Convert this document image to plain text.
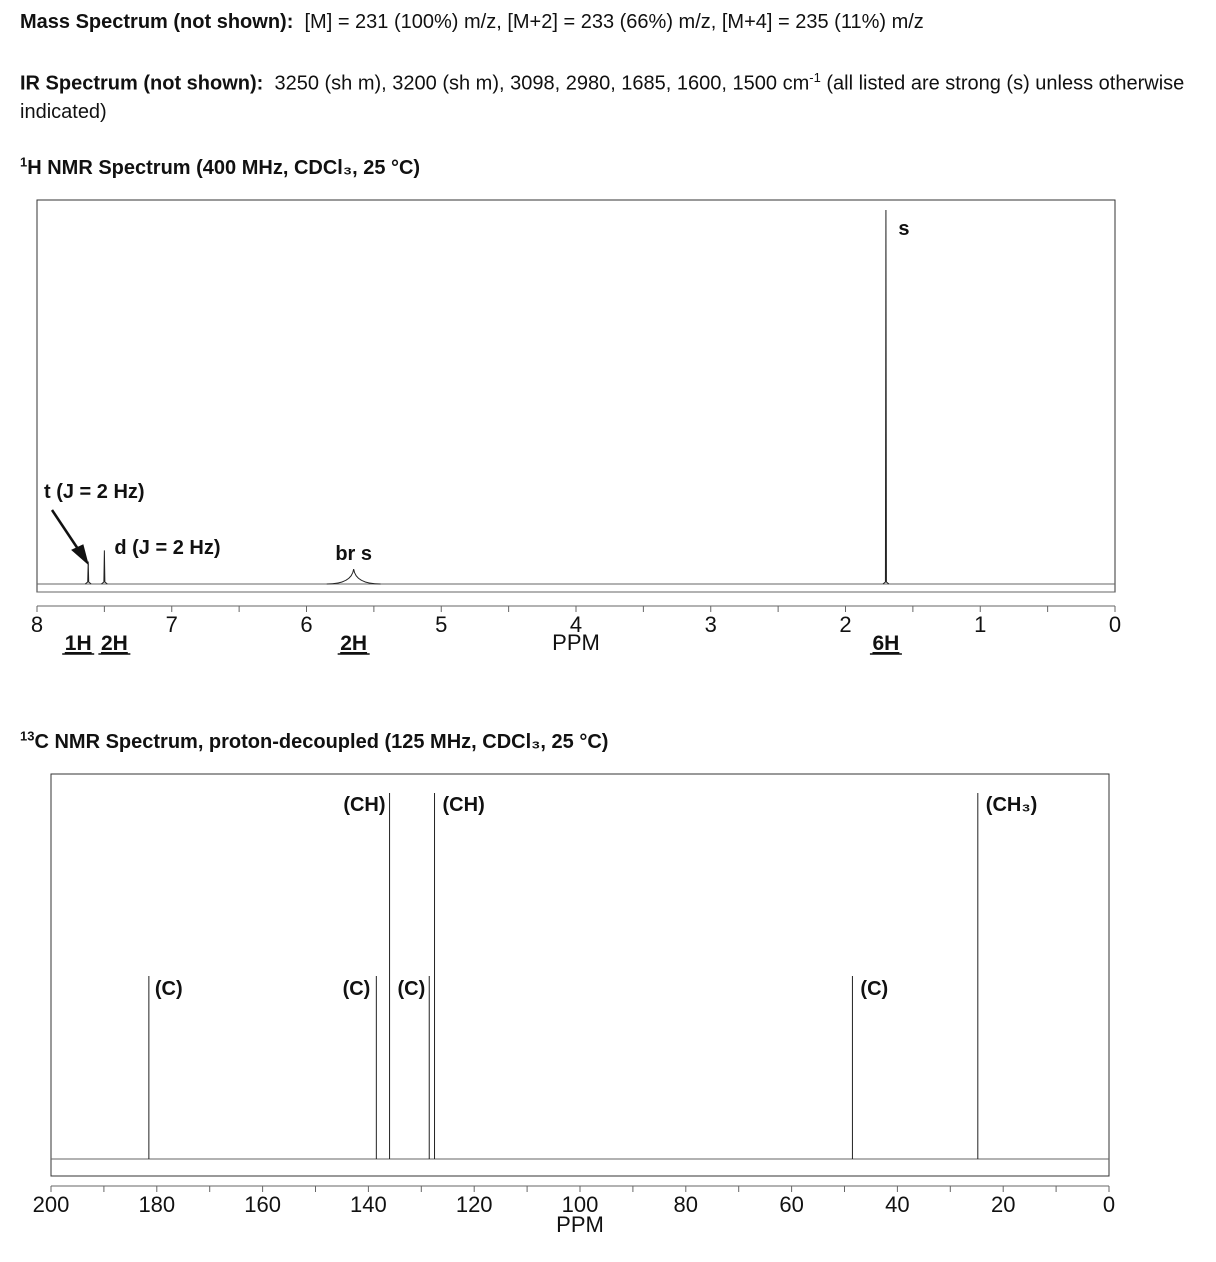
Mass Spectrum (not shown): [M] = 231 (100%) m/z, [M+2] = 233 (66%) m/z, [M+4] = 235 (11%) m/z
IR Spectrum (not shown): 3250 (sh m), 3200 (sh m), 3098, 2980, 1685, 1600, 1500 $cm^{-1}$ (all listed are strong (s) unless otherwise indicated)
$^1$H NMR Spectrum (400 MHz, CDCl₃, 25 °C)
8	7	6	5	4	3	2	1	0
PPM
t (J = 2 Hz)
d (J = 2 Hz)	br s
s
1H 2H	2H	6H
$^{13}$C NMR Spectrum, proton-decoupled (125 MHz, CDCl₃, 25 °C)
200	180	160	140	120	100	80	60	40	20	0
PPM
(C)	(C)
(CH)
(C)
(CH)
(C)
(CH₃)
